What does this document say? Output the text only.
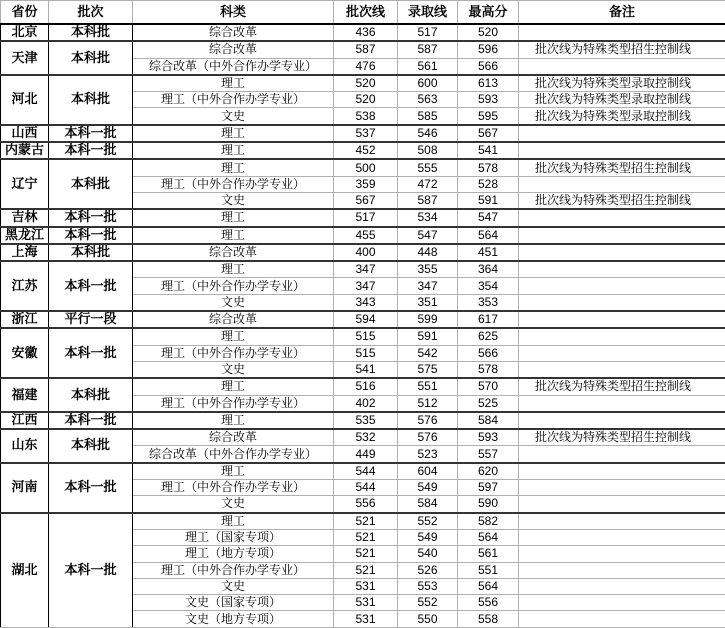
省份	批次	科类	批次线	录取线	最高分	备注
北京	本科批	综合改革	436	517	520	
天津	本科批	综合改革	587	587	596	批次线为特殊类型招生控制线
		综合改革（中外合作办学专业）	476	561	566	
河北	本科批	理工	520	600	613	批次线为特殊类型录取控制线
		理工（中外合作办学专业）	520	563	593	批次线为特殊类型录取控制线
		文史	538	585	595	批次线为特殊类型录取控制线
山西	本科一批	理工	537	546	567	
内蒙古	本科一批	理工	452	508	541	
辽宁	本科批	理工	500	555	578	批次线为特殊类型招生控制线
		理工（中外合作办学专业）	359	472	528	
		文史	567	587	591	批次线为特殊类型招生控制线
吉林	本科一批	理工	517	534	547	
黑龙江	本科一批	理工	455	547	564	
上海	本科批	综合改革	400	448	451	
江苏	本科一批	理工	347	355	364	
		理工（中外合作办学专业）	347	347	354	
		文史	343	351	353	
浙江	平行一段	综合改革	594	599	617	
安徽	本科一批	理工	515	591	625	
		理工（中外合作办学专业）	515	542	566	
		文史	541	575	578	
福建	本科批	理工	516	551	570	批次线为特殊类型招生控制线
		理工（中外合作办学专业）	402	512	525	
江西	本科一批	理工	535	576	584	
山东	本科批	综合改革	532	576	593	批次线为特殊类型招生控制线
		综合改革（中外合作办学专业）	449	523	557	
河南	本科一批	理工	544	604	620	
		理工（中外合作办学专业）	544	549	597	
		文史	556	584	590	
湖北	本科一批	理工	521	552	582	
		理工（国家专项）	521	549	564	
		理工（地方专项）	521	540	561	
		理工（中外合作办学专业）	521	526	551	
		文史	531	553	564	
		文史（国家专项）	531	552	556	
		文史（地方专项）	531	550	558	
